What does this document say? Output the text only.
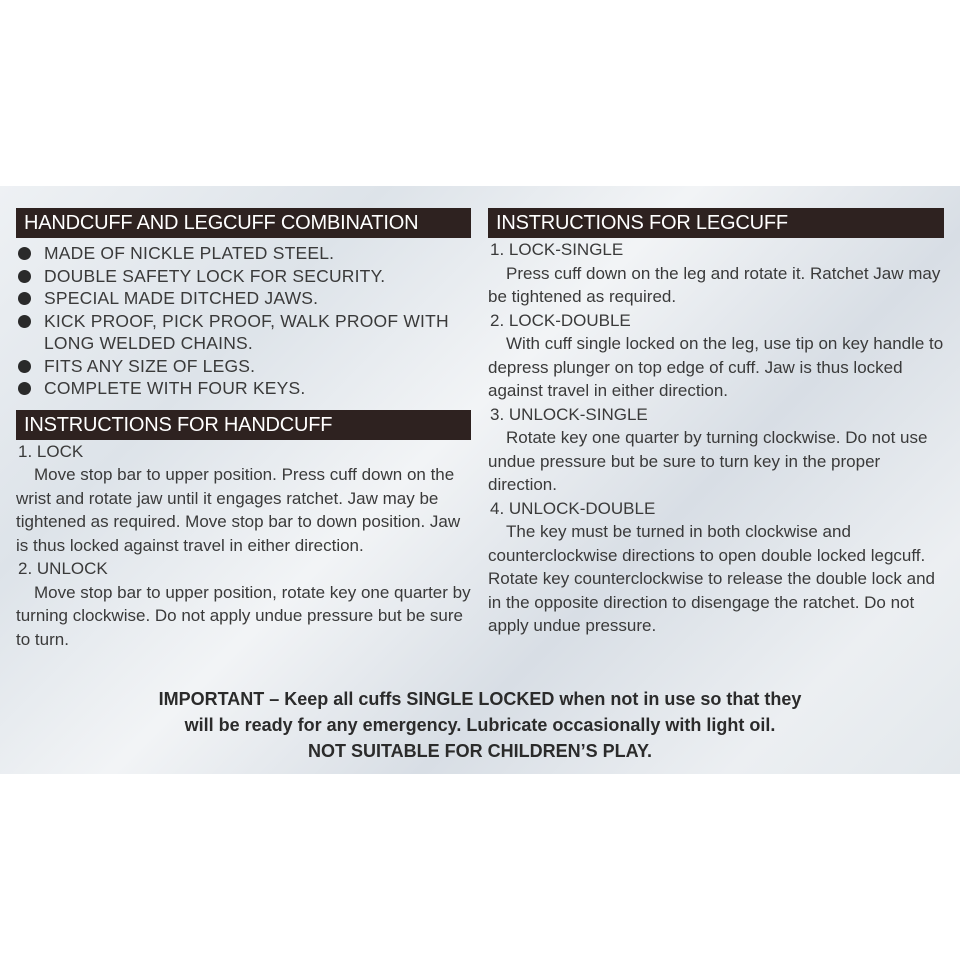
HANDCUFF AND LEGCUFF COMBINATION
MADE OF NICKLE PLATED STEEL.
DOUBLE SAFETY LOCK FOR SECURITY.
SPECIAL MADE DITCHED JAWS.
KICK PROOF, PICK PROOF, WALK PROOF WITH LONG WELDED CHAINS.
FITS ANY SIZE OF LEGS.
COMPLETE WITH FOUR KEYS.
INSTRUCTIONS FOR HANDCUFF
1. LOCK
Move stop bar to upper position. Press cuff down on the wrist and rotate jaw until it engages ratchet. Jaw may be tightened as required. Move stop bar to down position. Jaw is thus locked against travel in either direction.
2. UNLOCK
Move stop bar to upper position, rotate key one quarter by turning clockwise. Do not apply undue pressure but be sure to turn.
INSTRUCTIONS FOR LEGCUFF
1. LOCK-SINGLE
Press cuff down on the leg and rotate it. Ratchet Jaw may be tightened as required.
2. LOCK-DOUBLE
With cuff single locked on the leg, use tip on key handle to depress plunger on top edge of cuff. Jaw is thus locked against travel in either direction.
3. UNLOCK-SINGLE
Rotate key one quarter by turning clockwise. Do not use undue pressure but be sure to turn key in the proper direction.
4. UNLOCK-DOUBLE
The key must be turned in both clockwise and counterclockwise directions to open double locked legcuff. Rotate key counterclockwise to release the double lock and in the opposite direction to disengage the ratchet. Do not apply undue pressure.
IMPORTANT – Keep all cuffs SINGLE LOCKED when not in use so that they
will be ready for any emergency. Lubricate occasionally with light oil.
NOT SUITABLE FOR CHILDREN’S PLAY.
